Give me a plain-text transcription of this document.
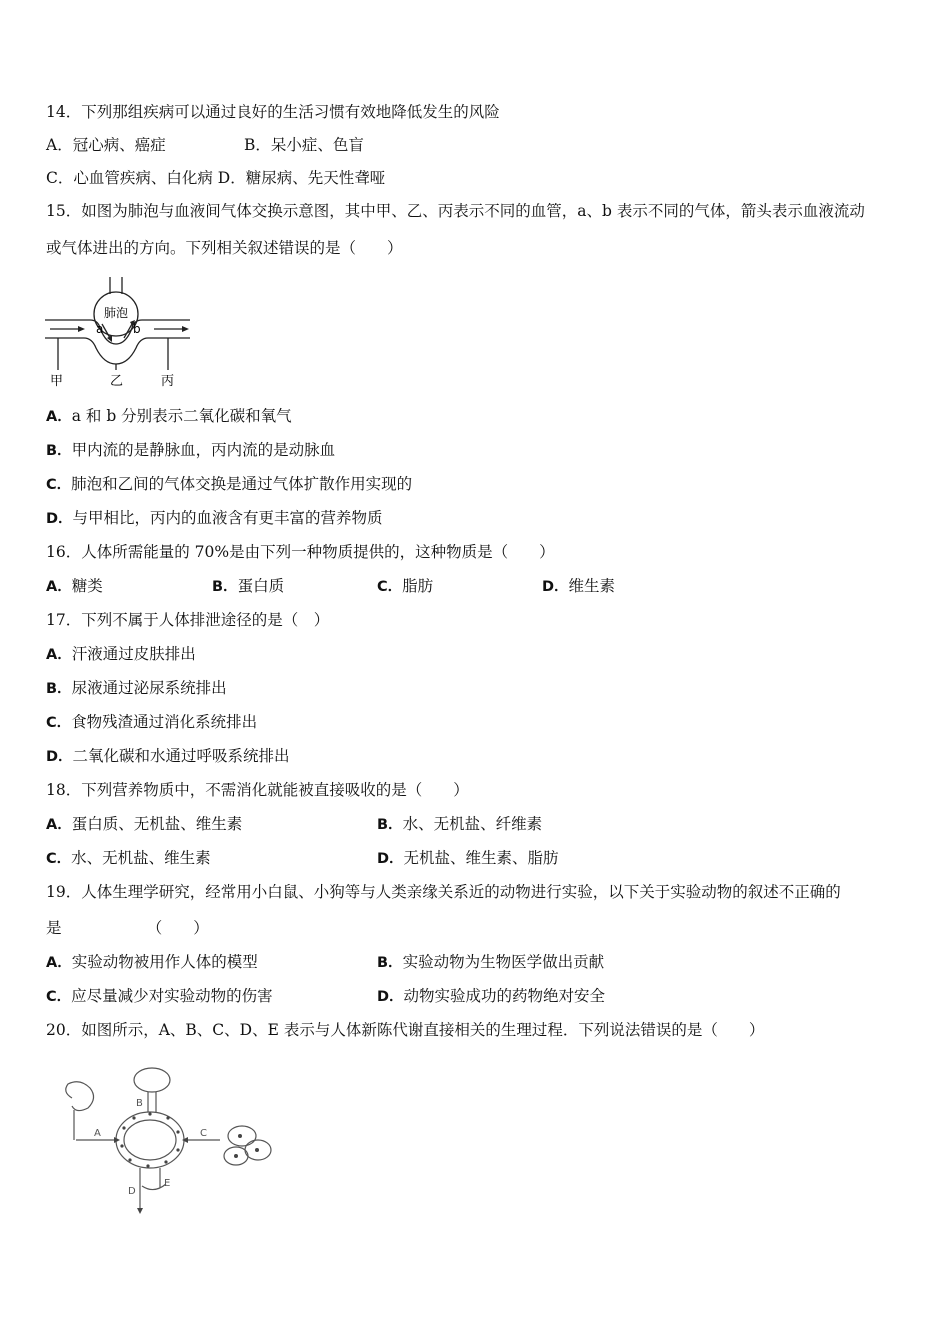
14．下列那组疾病可以通过良好的生活习惯有效地降低发生的风险
A．冠心病、癌症	B．呆小症、色盲
C．心血管疾病、白化病 D．糖尿病、先天性聋哑
15．如图为肺泡与血液间气体交换示意图，其中甲、乙、丙表示不同的血管，a、b 表示不同的气体，箭头表示血液流动
或气体进出的方向。下列相关叙述错误的是（　　）
肺泡
a b
甲	乙	丙
A．a 和 b 分别表示二氧化碳和氧气
B．甲内流的是静脉血，丙内流的是动脉血
C．肺泡和乙间的气体交换是通过气体扩散作用实现的
D．与甲相比，丙内的血液含有更丰富的营养物质
16．人体所需能量的 70%是由下列一种物质提供的，这种物质是（　　）
A．糖类	B．蛋白质	C．脂肪	D．维生素
17．下列不属于人体排泄途径的是（　）
A．汗液通过皮肤排出
B．尿液通过泌尿系统排出
C．食物残渣通过消化系统排出
D．二氧化碳和水通过呼吸系统排出
18．下列营养物质中，不需消化就能被直接吸收的是（　　）
A．蛋白质、无机盐、维生素	B．水、无机盐、纤维素
C．水、无机盐、维生素	D．无机盐、维生素、脂肪
19．人体生理学研究，经常用小白鼠、小狗等与人类亲缘关系近的动物进行实验，以下关于实验动物的叙述不正确的
是　　　　　　（　　）
A．实验动物被用作人体的模型	B．实验动物为生物医学做出贡献
C．应尽量减少对实验动物的伤害	D．动物实验成功的药物绝对安全
20．如图所示，A、B、C、D、E 表示与人体新陈代谢直接相关的生理过程．下列说法错误的是（　　）
A
B
C
D
E
